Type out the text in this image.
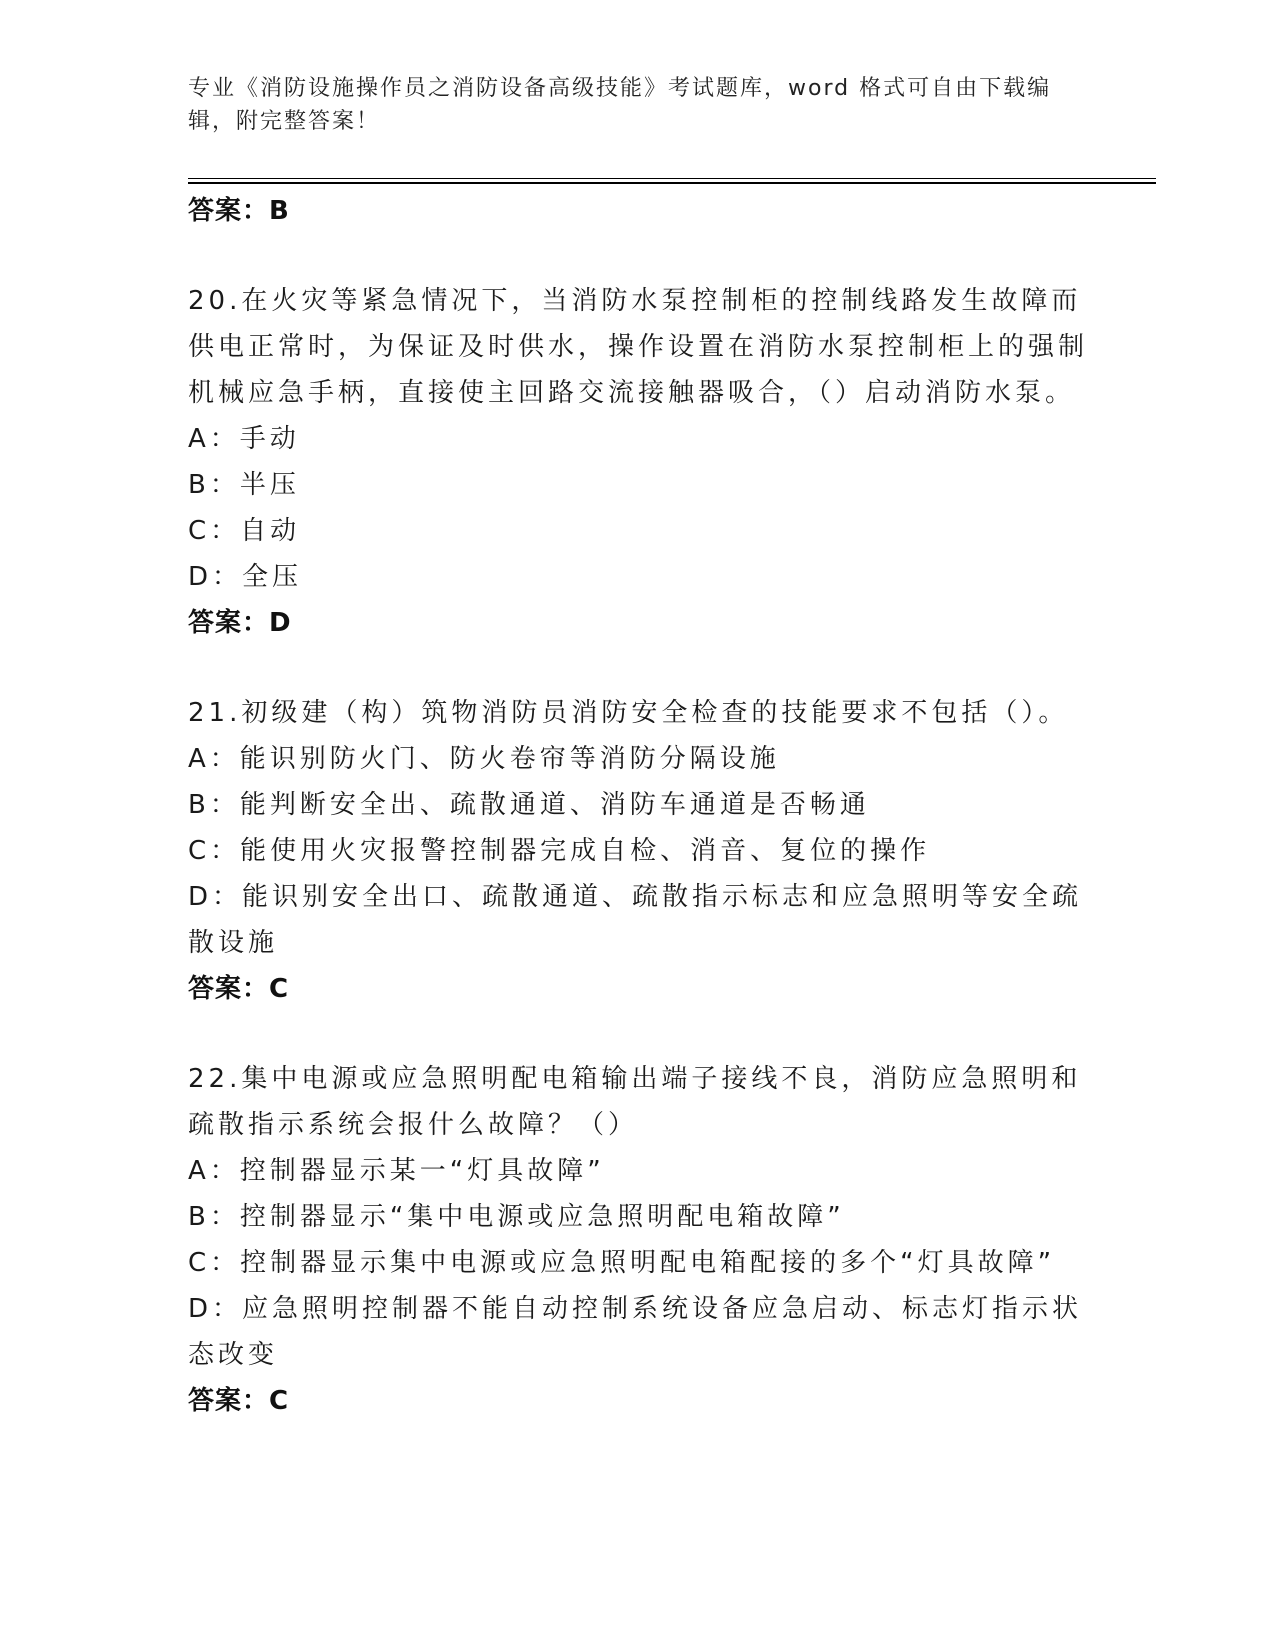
专业《消防设施操作员之消防设备高级技能》考试题库，word 格式可自由下载编辑，附完整答案！

答案：B

20.在火灾等紧急情况下，当消防水泵控制柜的控制线路发生故障而供电正常时，为保证及时供水，操作设置在消防水泵控制柜上的强制机械应急手柄，直接使主回路交流接触器吸合，（）启动消防水泵。

A：手动

B：半压

C：自动

D：全压

答案：D

21.初级建（构）筑物消防员消防安全检查的技能要求不包括（）。

A：能识别防火门、防火卷帘等消防分隔设施

B：能判断安全出、疏散通道、消防车通道是否畅通

C：能使用火灾报警控制器完成自检、消音、复位的操作

D：能识别安全出口、疏散通道、疏散指示标志和应急照明等安全疏散设施

答案：C

22.集中电源或应急照明配电箱输出端子接线不良，消防应急照明和疏散指示系统会报什么故障？（）

A：控制器显示某一“灯具故障”

B：控制器显示“集中电源或应急照明配电箱故障”

C：控制器显示集中电源或应急照明配电箱配接的多个“灯具故障”

D：应急照明控制器不能自动控制系统设备应急启动、标志灯指示状态改变

答案：C
